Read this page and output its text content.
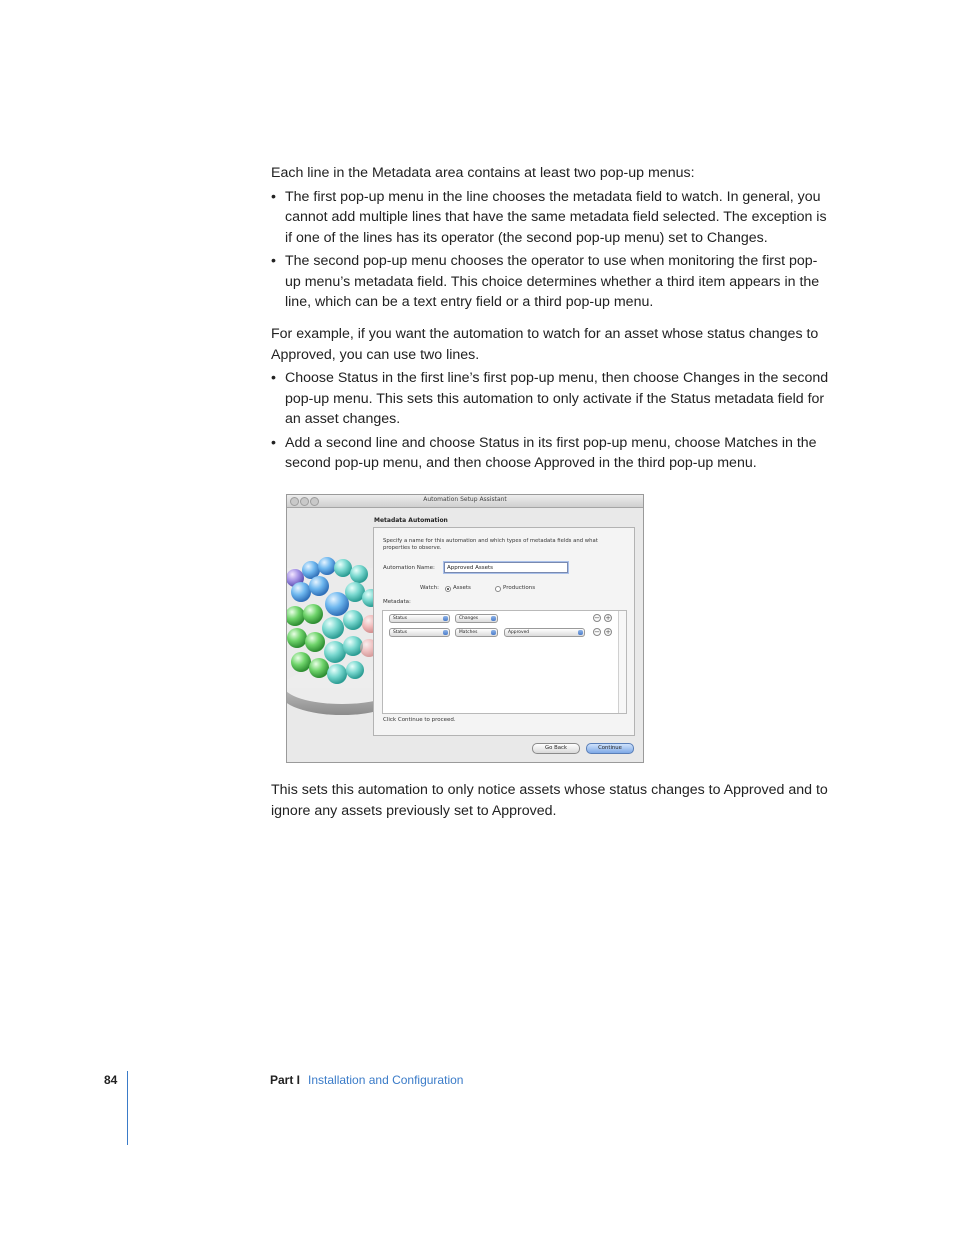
Each line in the Metadata area contains at least two pop-up menus:

• The first pop-up menu in the line chooses the metadata field to watch. In general, you cannot add multiple lines that have the same metadata field selected. The exception is if one of the lines has its operator (the second pop-up menu) set to Changes.
• The second pop-up menu chooses the operator to use when monitoring the first pop-up menu’s metadata field. This choice determines whether a third item appears in the line, which can be a text entry field or a third pop-up menu.

For example, if you want the automation to watch for an asset whose status changes to Approved, you can use two lines.

• Choose Status in the first line’s first pop-up menu, then choose Changes in the second pop-up menu. This sets this automation to only activate if the Status metadata field for an asset changes.
• Add a second line and choose Status in its first pop-up menu, choose Matches in the second pop-up menu, and then choose Approved in the third pop-up menu.
Automation Setup Assistant
Metadata Automation
Specify a name for this automation and which types of metadata fields and what properties to observe.
Automation Name:	Approved Assets
Watch:	Assets	Productions
Metadata:
Status	Changes	− +
Status	Matches	Approved	− +
Click Continue to proceed.
Go Back	Continue

This sets this automation to only notice assets whose status changes to Approved and to ignore any assets previously set to Approved.

84	Part I Installation and Configuration
